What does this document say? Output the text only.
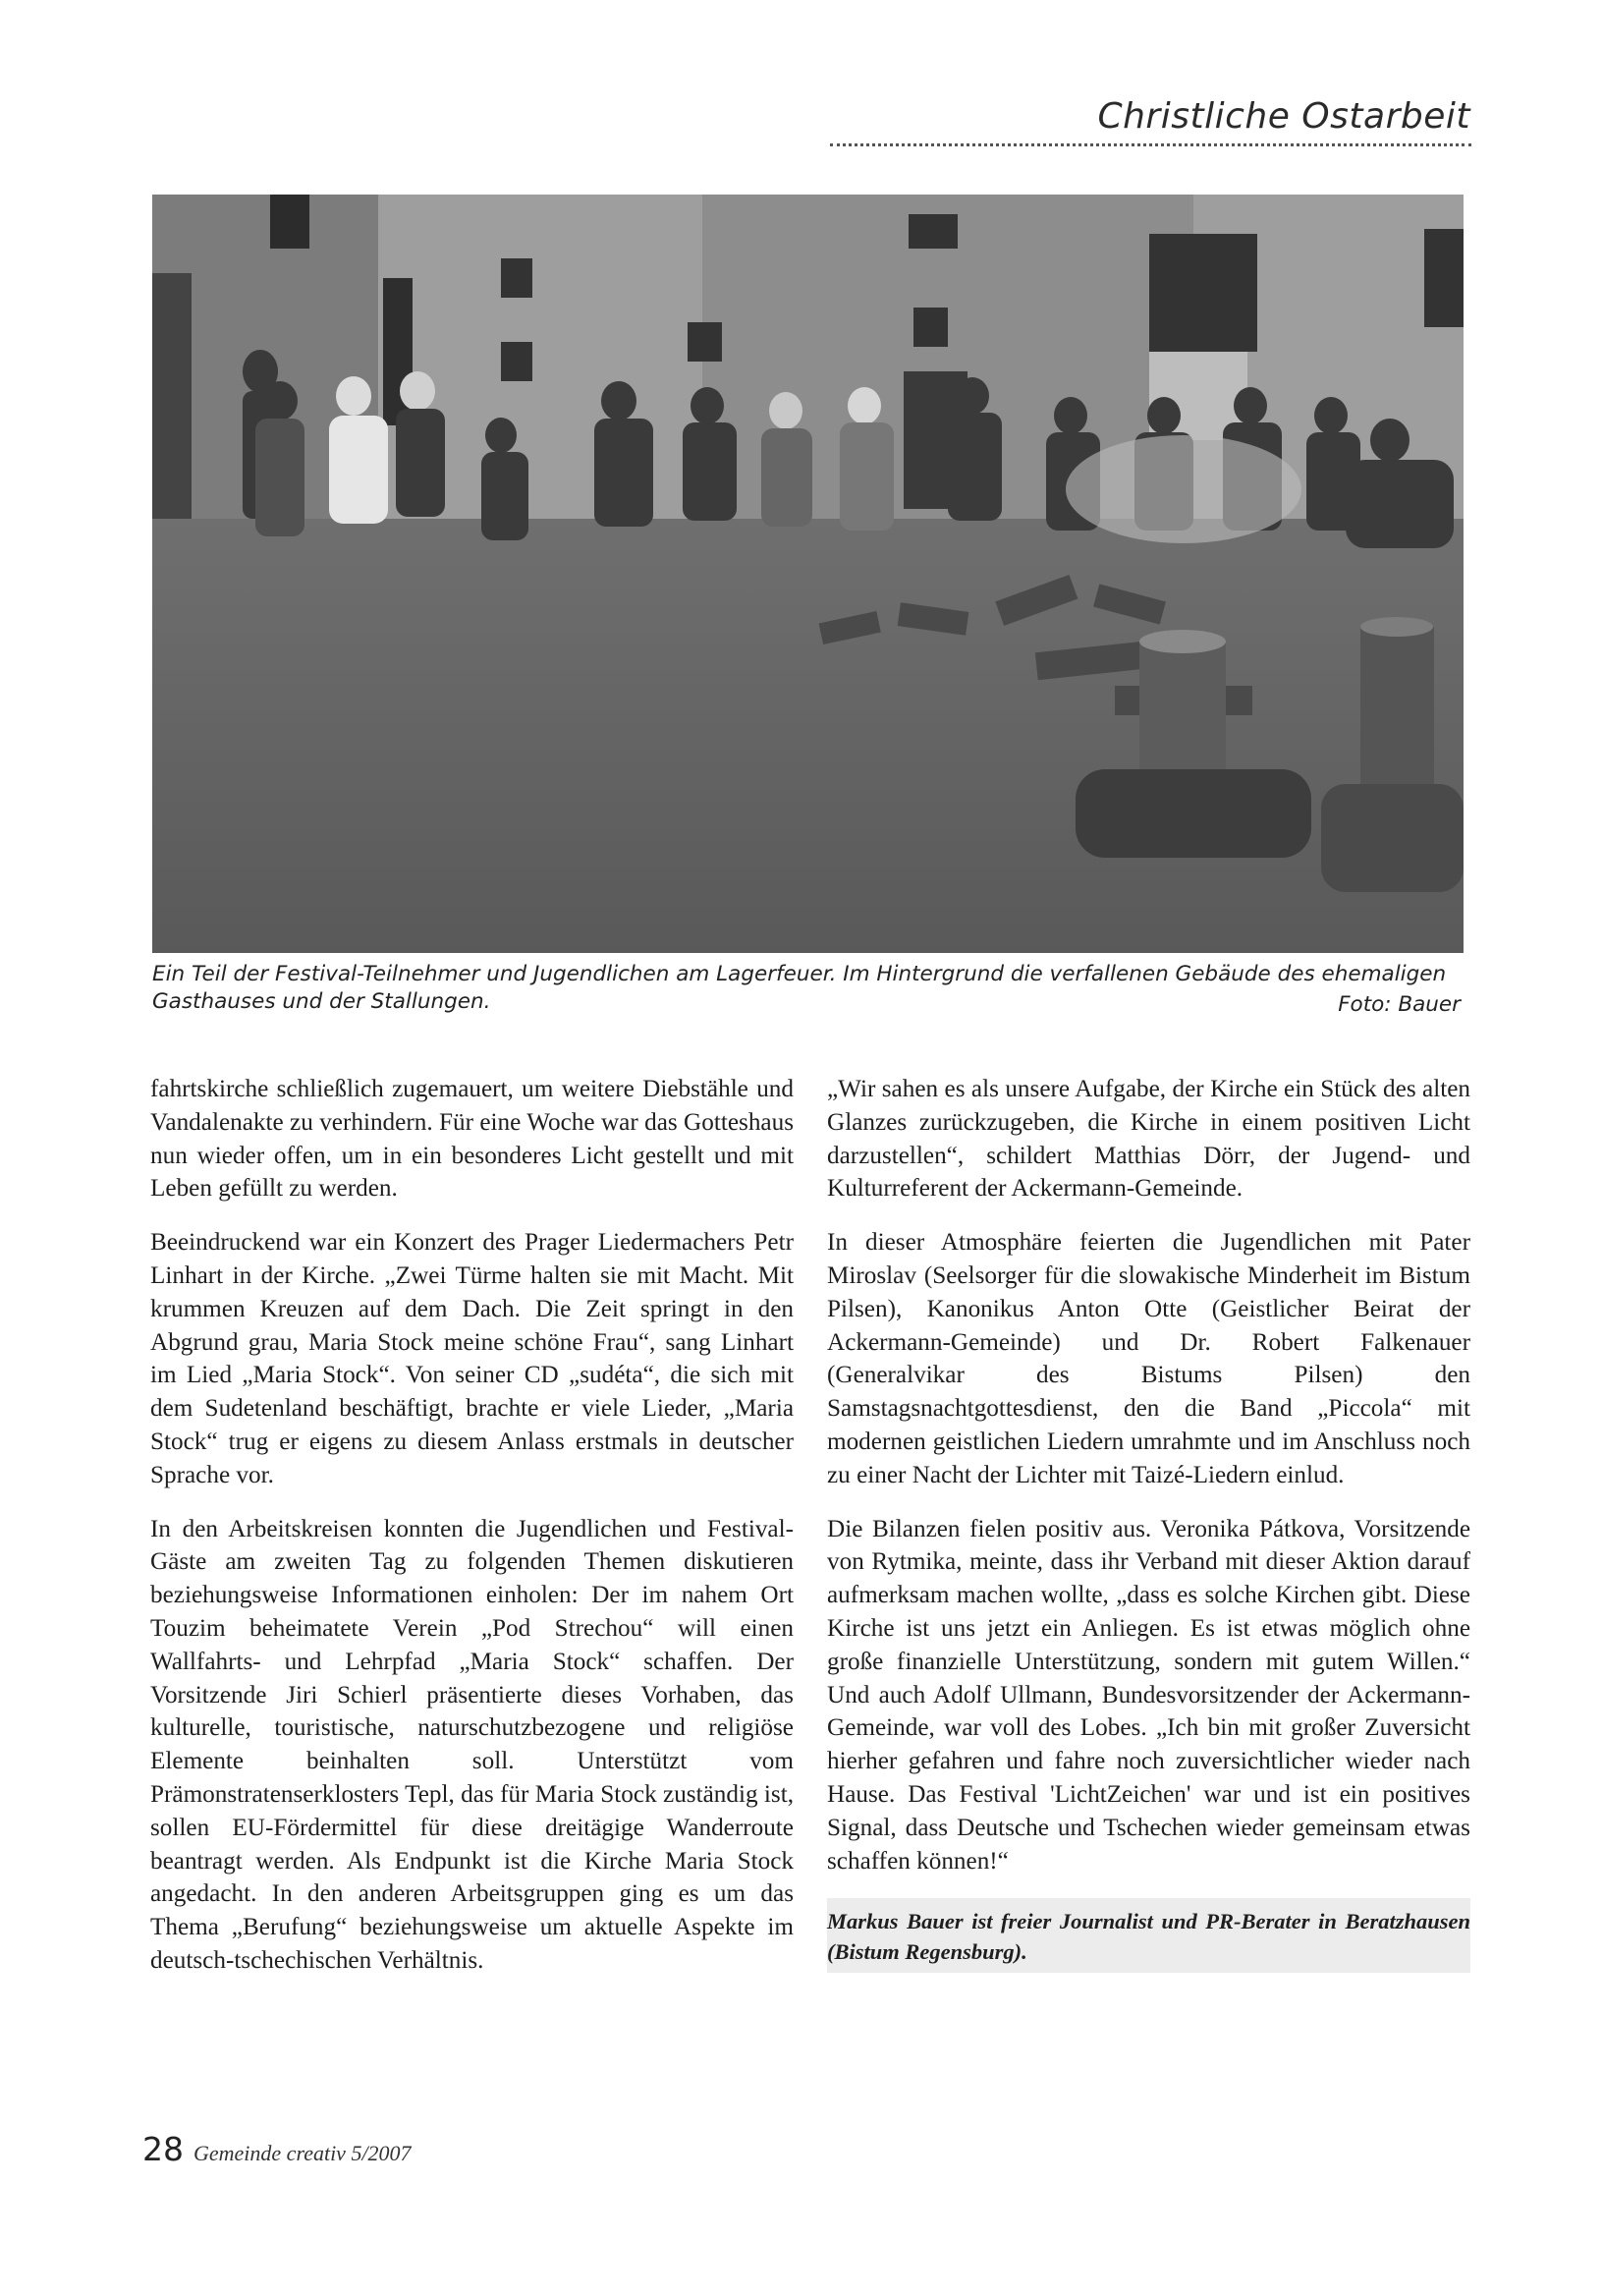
Christliche Ostarbeit
Ein Teil der Festival-Teilnehmer und Jugendlichen am Lagerfeuer. Im Hintergrund die verfallenen Gebäude des ehemaligen Gasthauses und der Stallungen.	Foto: Bauer

fahrtskirche schließlich zugemauert, um weitere Diebstähle und Vandalenakte zu verhindern. Für eine Woche war das Gotteshaus nun wieder offen, um in ein besonderes Licht gestellt und mit Leben gefüllt zu werden.

Beeindruckend war ein Konzert des Prager Liedermachers Petr Linhart in der Kirche. „Zwei Türme halten sie mit Macht. Mit krummen Kreuzen auf dem Dach. Die Zeit springt in den Abgrund grau, Maria Stock meine schöne Frau“, sang Linhart im Lied „Maria Stock“. Von seiner CD „sudéta“, die sich mit dem Sudetenland beschäftigt, brachte er viele Lieder, „Maria Stock“ trug er eigens zu diesem Anlass erstmals in deutscher Sprache vor.

In den Arbeitskreisen konnten die Jugendlichen und Festival-Gäste am zweiten Tag zu folgenden Themen diskutieren beziehungsweise Informationen einholen: Der im nahem Ort Touzim beheimatete Verein „Pod Strechou“ will einen Wallfahrts- und Lehrpfad „Maria Stock“ schaffen. Der Vorsitzende Jiri Schierl präsentierte dieses Vorhaben, das kulturelle, touristische, naturschutzbezogene und religiöse Elemente beinhalten soll. Unterstützt vom Prämonstratenserklosters Tepl, das für Maria Stock zuständig ist, sollen EU-Fördermittel für diese dreitägige Wanderroute beantragt werden. Als Endpunkt ist die Kirche Maria Stock angedacht. In den anderen Arbeitsgruppen ging es um das Thema „Berufung“ beziehungsweise um aktuelle Aspekte im deutsch-tschechischen Verhältnis.

„Wir sahen es als unsere Aufgabe, der Kirche ein Stück des alten Glanzes zurückzugeben, die Kirche in einem positiven Licht darzustellen“, schildert Matthias Dörr, der Jugend- und Kulturreferent der Ackermann-Gemeinde.

In dieser Atmosphäre feierten die Jugendlichen mit Pater Miroslav (Seelsorger für die slowakische Minderheit im Bistum Pilsen), Kanonikus Anton Otte (Geistlicher Beirat der Ackermann-Gemeinde) und Dr. Robert Falkenauer (Generalvikar des Bistums Pilsen) den Samstagsnachtgottesdienst, den die Band „Piccola“ mit modernen geistlichen Liedern umrahmte und im Anschluss noch zu einer Nacht der Lichter mit Taizé-Liedern einlud.

Die Bilanzen fielen positiv aus. Veronika Pátkova, Vorsitzende von Rytmika, meinte, dass ihr Verband mit dieser Aktion darauf aufmerksam machen wollte, „dass es solche Kirchen gibt. Diese Kirche ist uns jetzt ein Anliegen. Es ist etwas möglich ohne große finanzielle Unterstützung, sondern mit gutem Willen.“ Und auch Adolf Ullmann, Bundesvorsitzender der Ackermann-Gemeinde, war voll des Lobes. „Ich bin mit großer Zuversicht hierher gefahren und fahre noch zuversichtlicher wieder nach Hause. Das Festival 'LichtZeichen' war und ist ein positives Signal, dass Deutsche und Tschechen wieder gemeinsam etwas schaffen können!“

Markus Bauer ist freier Journalist und PR-Berater in Beratzhausen (Bistum Regensburg).
28 Gemeinde creativ 5/2007
